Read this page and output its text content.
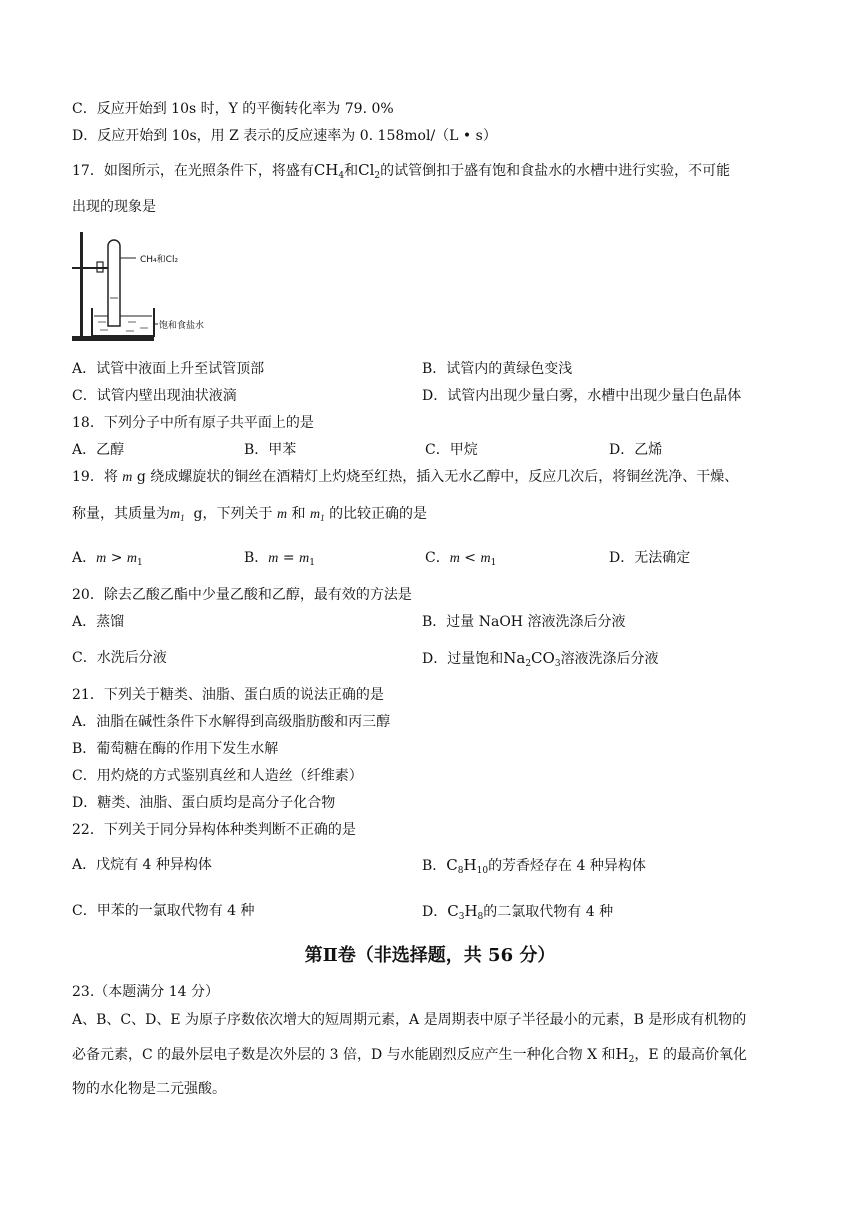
C．反应开始到 10s 时，Y 的平衡转化率为 79. 0%
D．反应开始到 10s，用 Z 表示的反应速率为 0. 158mol/（L • s）
17．如图所示，在光照条件下，将盛有$CH_4$和$Cl_2$的试管倒扣于盛有饱和食盐水的水槽中进行实验，不可能
出现的现象是
CH₄和Cl₂
饱和食盐水
A．试管中液面上升至试管顶部	B．试管内的黄绿色变浅
C．试管内壁出现油状液滴	D．试管内出现少量白雾，水槽中出现少量白色晶体
18．下列分子中所有原子共平面上的是
A．乙醇	B．甲苯	C．甲烷	D．乙烯
19．将 m g 绕成螺旋状的铜丝在酒精灯上灼烧至红热，插入无水乙醇中，反应几次后，将铜丝洗净、干燥、
称量，其质量为$m_1$ g，下列关于 m 和 $m_1$ 的比较正确的是
A．$m > m_1$	B．$m = m_1$	C．$m < m_1$	D．无法确定
20．除去乙酸乙酯中少量乙酸和乙醇，最有效的方法是
A．蒸馏	B．过量 NaOH 溶液洗涤后分液
C．水洗后分液	D．过量饱和$Na_2CO_3$溶液洗涤后分液
21．下列关于糖类、油脂、蛋白质的说法正确的是
A．油脂在碱性条件下水解得到高级脂肪酸和丙三醇
B．葡萄糖在酶的作用下发生水解
C．用灼烧的方式鉴别真丝和人造丝（纤维素）
D．糖类、油脂、蛋白质均是高分子化合物
22．下列关于同分异构体种类判断不正确的是
A．戊烷有 4 种异构体	B．$C_8H_{10}$的芳香烃存在 4 种异构体
C．甲苯的一氯取代物有 4 种	D．$C_3H_8$的二氯取代物有 4 种
第Ⅱ卷（非选择题，共 56 分）
23.（本题满分 14 分）
A、B、C、D、E 为原子序数依次增大的短周期元素，A 是周期表中原子半径最小的元素，B 是形成有机物的
必备元素，C 的最外层电子数是次外层的 3 倍，D 与水能剧烈反应产生一种化合物 X 和$H_2$，E 的最高价氧化
物的水化物是二元强酸。
